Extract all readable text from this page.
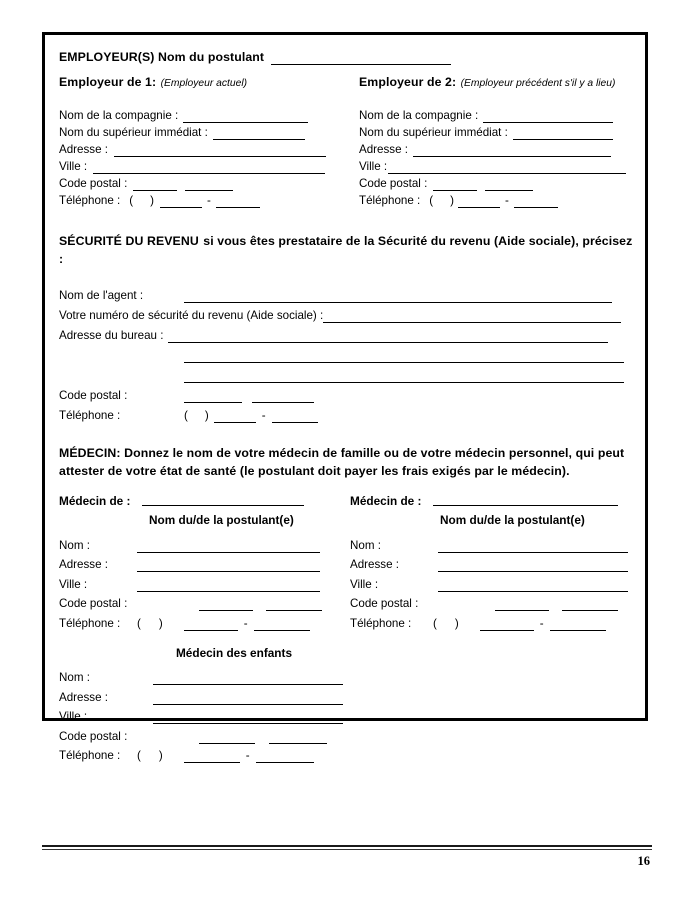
EMPLOYEUR(S) Nom du postulant
Employeur de 1: (Employeur actuel)	Employeur de 2: (Employeur précédent s'il y a lieu)
Nom de la compagnie :	Nom de la compagnie :
Nom du supérieur immédiat :	Nom du supérieur immédiat :
Adresse :	Adresse :
Ville :	Ville :
Code postal :	Code postal :
Téléphone : ( )	-	Téléphone : ( )	-
SÉCURITÉ DU REVENU si vous êtes prestataire de la Sécurité du revenu (Aide sociale), précisez :
Nom de l'agent :
Votre numéro de sécurité du revenu (Aide sociale) :
Adresse du bureau :
Code postal :
Téléphone :	( )	-
MÉDECIN: Donnez le nom de votre médecin de famille ou de votre médecin personnel, qui peut attester de votre état de santé (le postulant doit payer les frais exigés par le médecin).
Médecin de :	Médecin de :
Nom du/de la postulant(e)	Nom du/de la postulant(e)
Nom :	Nom :
Adresse :	Adresse :
Ville :	Ville :
Code postal :	Code postal :
Téléphone :	( )	-	Téléphone :	( )	-
Médecin des enfants
Nom :
Adresse :
Ville :
Code postal :
Téléphone :	( )	-
16
